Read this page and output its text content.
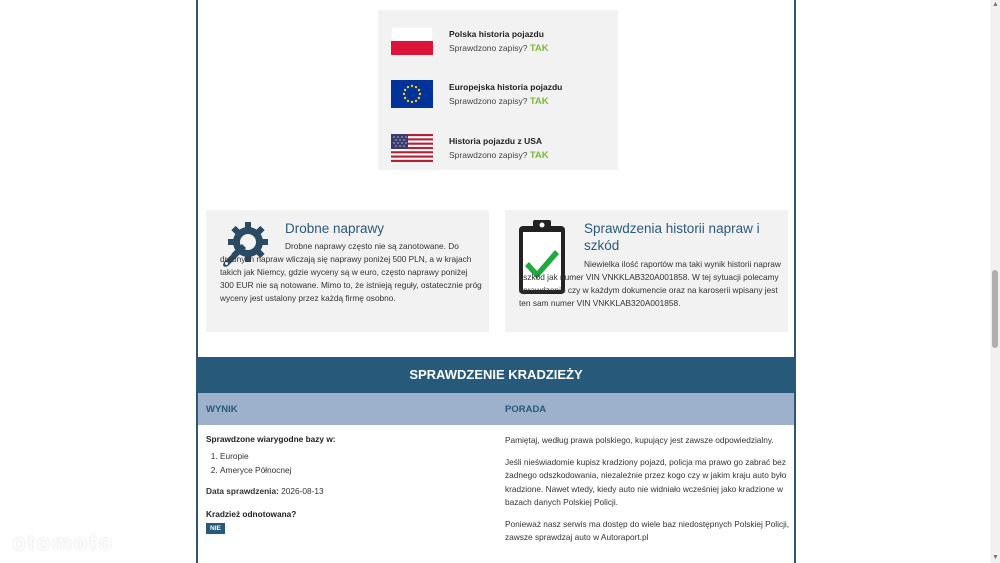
Polska historia pojazdu
Sprawdzono zapisy? TAK
Europejska historia pojazdu
Sprawdzono zapisy? TAK
Historia pojazdu z USA
Sprawdzono zapisy? TAK
Drobne naprawy
Drobne naprawy często nie są zanotowane. Do drobnych napraw wliczają się naprawy poniżej 500 PLN, a w krajach takich jak Niemcy, gdzie wyceny są w euro, często naprawy poniżej 300 EUR nie są notowane. Mimo to, że istnieją reguły, ostatecznie próg wyceny jest ustalony przez każdą firmę osobno.
Sprawdzenia historii napraw i szkód
Niewielka ilość raportów ma taki wynik historii napraw i szkód jak numer VIN VNKKLAB320A001858. W tej sytuacji polecamy sprawdzenie czy w każdym dokumencie oraz na karoserii wpisany jest ten sam numer VIN VNKKLAB320A001858.
SPRAWDZENIE KRADZIEŻY
WYNIK	PORADA
Sprawdzone wiarygodne bazy w:
1. Europie
2. Ameryce Północnej
Data sprawdzenia: 2026-08-13
Kradzież odnotowana?
NIE

Pamiętaj, według prawa polskiego, kupujący jest zawsze odpowiedzialny.

Jeśli nieświadomie kupisz kradziony pojazd, policja ma prawo go zabrać bez żadnego odszkodowania, niezależnie przez kogo czy w jakim kraju auto było kradzione. Nawet wtedy, kiedy auto nie widniało wcześniej jako kradzione w bazach danych Polskiej Policji.

Ponieważ nasz serwis ma dostęp do wiele baz niedostępnych Polskiej Policji, zawsze sprawdzaj auto w Autoraport.pl

otomoto
▲
▼
